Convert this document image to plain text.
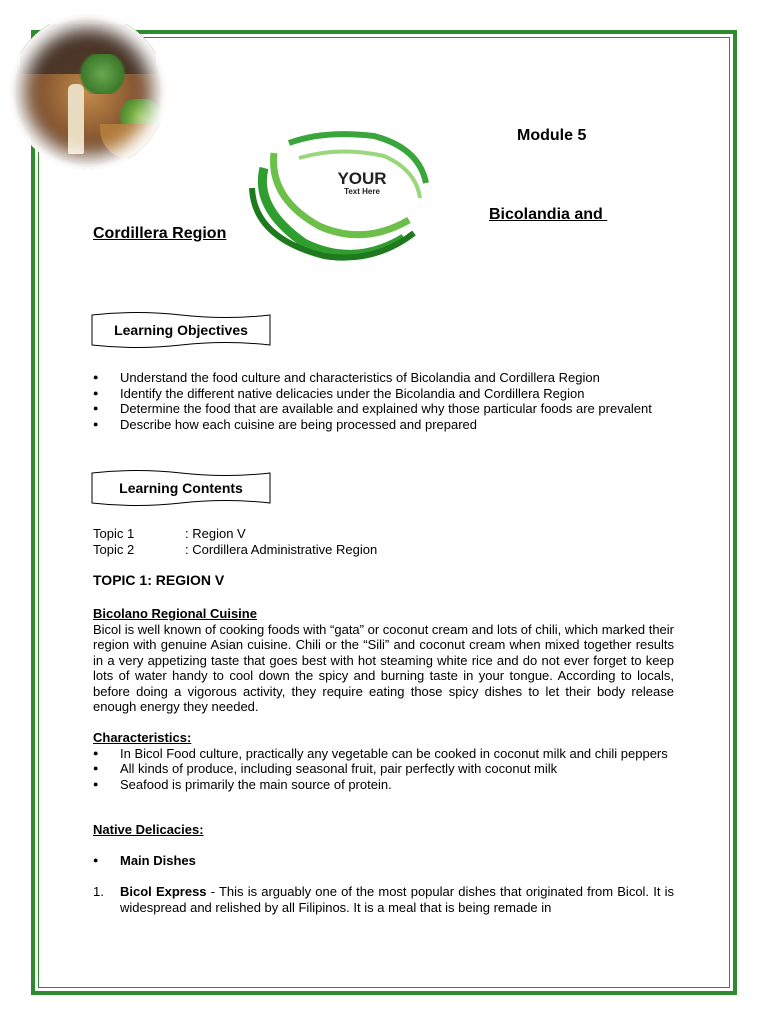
YOUR
Text Here
Module 5
Bicolandia and
Cordillera Region
Learning Objectives
● Understand the food culture and characteristics of Bicolandia and Cordillera Region
● Identify the different native delicacies under the Bicolandia and Cordillera Region
● Determine the food that are available and explained why those particular foods are prevalent
● Describe how each cuisine are being processed and prepared
Learning Contents
Topic 1	: Region V
Topic 2	: Cordillera Administrative Region
TOPIC 1: REGION V
Bicolano Regional Cuisine
Bicol is well known of cooking foods with “gata” or coconut cream and lots of chili, which marked their region with genuine Asian cuisine. Chili or the “Sili” and coconut cream when mixed together results in a very appetizing taste that goes best with hot steaming white rice and do not ever forget to keep lots of water handy to cool down the spicy and burning taste in your tongue. According to locals, before doing a vigorous activity, they require eating those spicy dishes to let their body release enough energy they needed.
Characteristics:
● In Bicol Food culture, practically any vegetable can be cooked in coconut milk and chili peppers
● All kinds of produce, including seasonal fruit, pair perfectly with coconut milk
● Seafood is primarily the main source of protein.
Native Delicacies:
● Main Dishes
1. Bicol Express - This is arguably one of the most popular dishes that originated from Bicol. It is widespread and relished by all Filipinos. It is a meal that is being remade in
